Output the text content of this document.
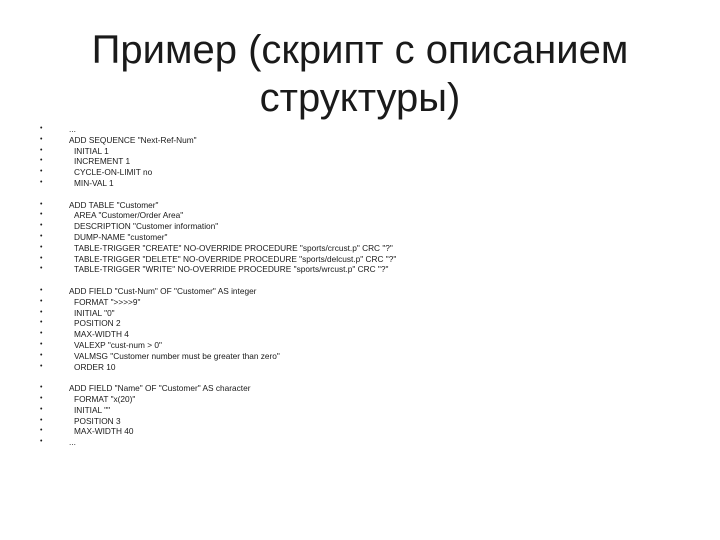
Пример (скрипт с описанием
структуры)
•	...
•	ADD SEQUENCE "Next-Ref-Num"
•	INITIAL 1
•	INCREMENT 1
•	CYCLE-ON-LIMIT no
•	MIN-VAL 1
•	ADD TABLE "Customer"
•	AREA "Customer/Order Area"
•	DESCRIPTION "Customer information"
•	DUMP-NAME "customer"
•	TABLE-TRIGGER "CREATE" NO-OVERRIDE PROCEDURE "sports/crcust.p" CRC "?"
•	TABLE-TRIGGER "DELETE" NO-OVERRIDE PROCEDURE "sports/delcust.p" CRC "?"
•	TABLE-TRIGGER "WRITE" NO-OVERRIDE PROCEDURE "sports/wrcust.p" CRC "?"
•	ADD FIELD "Cust-Num" OF "Customer" AS integer
•	FORMAT ">>>>9"
•	INITIAL "0"
•	POSITION 2
•	MAX-WIDTH 4
•	VALEXP "cust-num > 0"
•	VALMSG "Customer number must be greater than zero"
•	ORDER 10
•	ADD FIELD "Name" OF "Customer" AS character
•	FORMAT "x(20)"
•	INITIAL ""
•	POSITION 3
•	MAX-WIDTH 40
•	...
